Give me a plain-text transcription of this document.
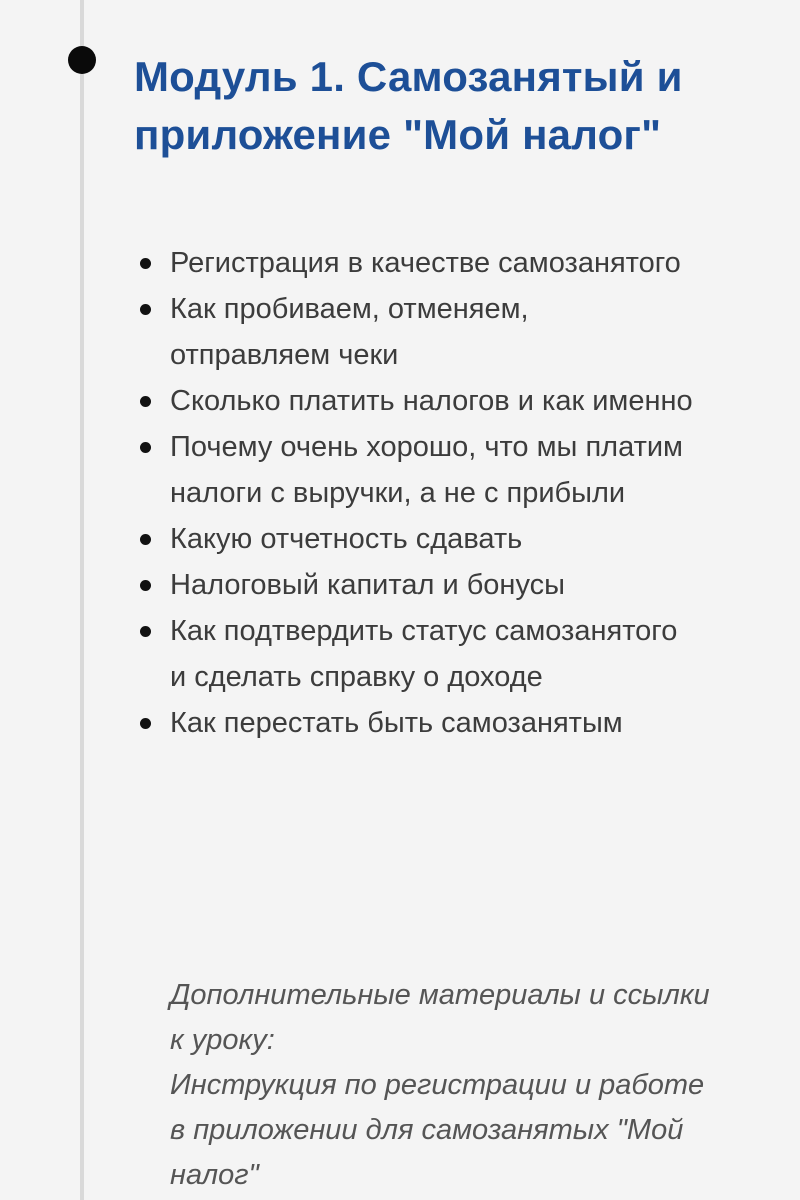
Модуль 1. Самозанятый и приложение "Мой налог"
Регистрация в качестве самозанятого
Как пробиваем, отменяем, отправляем чеки
Сколько платить налогов и как именно
Почему очень хорошо, что мы платим налоги с выручки, а не с прибыли
Какую отчетность сдавать
Налоговый капитал и бонусы
Как подтвердить статус самозанятого и сделать справку о доходе
Как перестать быть самозанятым
Дополнительные материалы и ссылки к уроку:
Инструкция по регистрации и работе в приложении для самозанятых "Мой налог"
